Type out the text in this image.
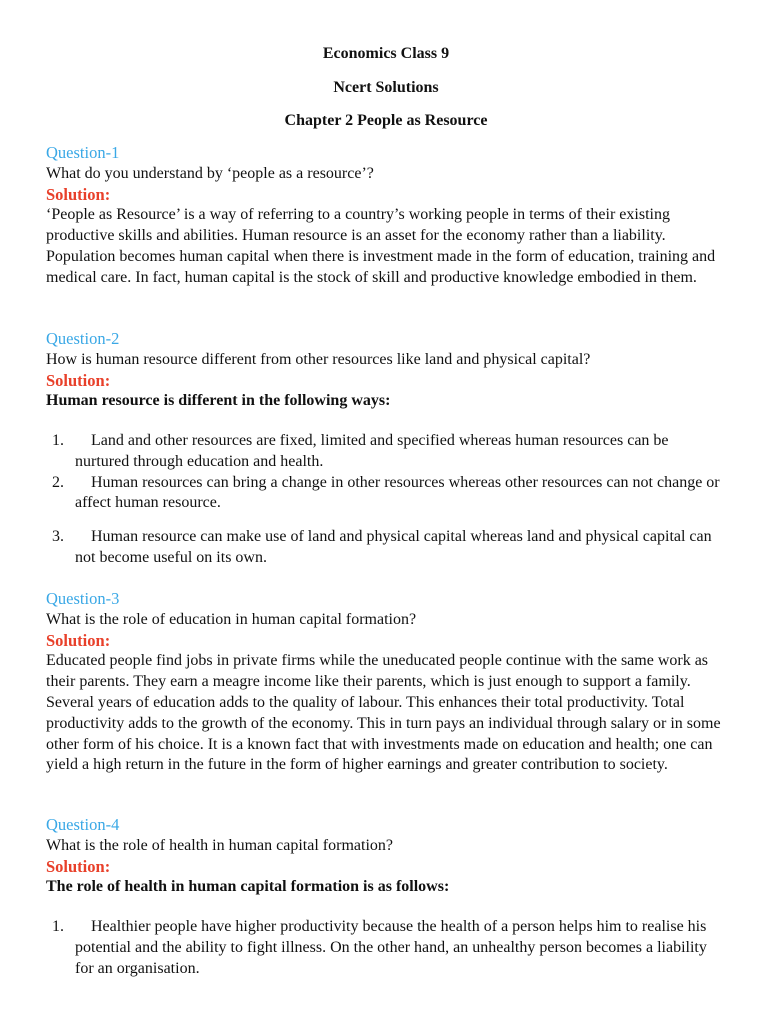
Economics Class 9
Ncert Solutions
Chapter 2 People as Resource

Question-1

What do you understand by ‘people as a resource’?

Solution:

‘People as Resource’ is a way of referring to a country’s working people in terms of their existing productive skills and abilities. Human resource is an asset for the economy rather than a liability. Population becomes human capital when there is investment made in the form of education, training and medical care. In fact, human capital is the stock of skill and productive knowledge embodied in them.

Question-2

How is human resource different from other resources like land and physical capital?

Solution:

Human resource is different in the following ways:

1. Land and other resources are fixed, limited and specified whereas human resources can be nurtured through education and health.
2. Human resources can bring a change in other resources whereas other resources can not change or affect human resource.
3. Human resource can make use of land and physical capital whereas land and physical capital can not become useful on its own.

Question-3

What is the role of education in human capital formation?

Solution:

Educated people find jobs in private firms while the uneducated people continue with the same work as their parents. They earn a meagre income like their parents, which is just enough to support a family. Several years of education adds to the quality of labour. This enhances their total productivity. Total productivity adds to the growth of the economy. This in turn pays an individual through salary or in some other form of his choice. It is a known fact that with investments made on education and health; one can yield a high return in the future in the form of higher earnings and greater contribution to society.

Question-4

What is the role of health in human capital formation?

Solution:

The role of health in human capital formation is as follows:

1. Healthier people have higher productivity because the health of a person helps him to realise his potential and the ability to fight illness. On the other hand, an unhealthy person becomes a liability for an organisation.
